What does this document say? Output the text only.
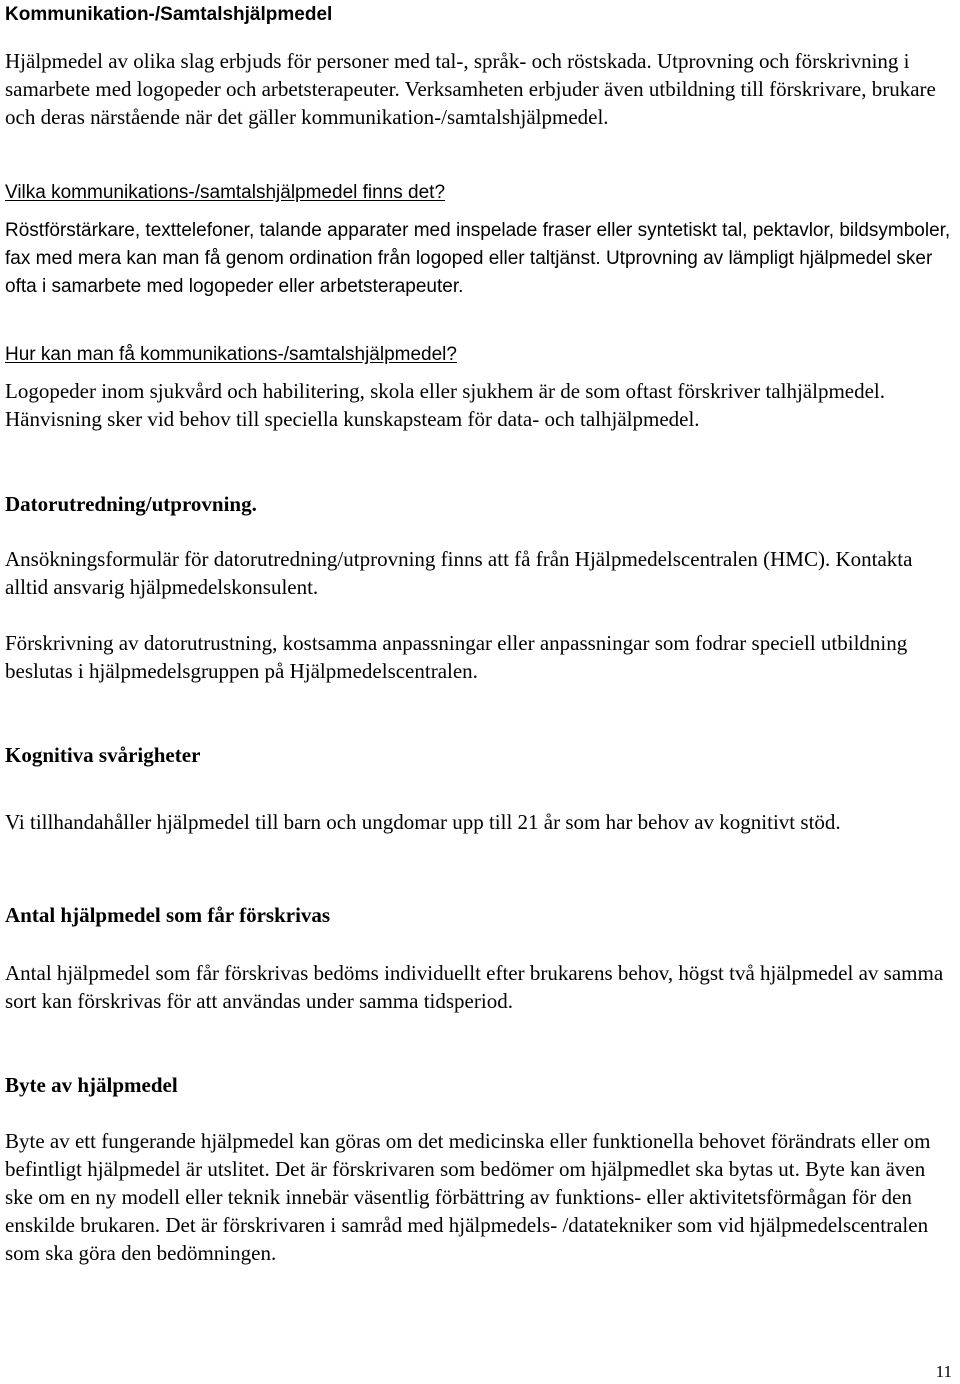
Kommunikation-/Samtalshjälpmedel

Hjälpmedel av olika slag erbjuds för personer med tal-, språk- och röstskada. Utprovning och förskrivning i samarbete med logopeder och arbetsterapeuter. Verksamheten erbjuder även utbildning till förskrivare, brukare och deras närstående när det gäller kommunikation-/samtalshjälpmedel.

Vilka kommunikations-/samtalshjälpmedel finns det?

Röstförstärkare, texttelefoner, talande apparater med inspelade fraser eller syntetiskt tal, pektavlor, bildsymboler, fax med mera kan man få genom ordination från logoped eller taltjänst. Utprovning av lämpligt hjälpmedel sker ofta i samarbete med logopeder eller arbetsterapeuter.

Hur kan man få kommunikations-/samtalshjälpmedel?

Logopeder inom sjukvård och habilitering, skola eller sjukhem är de som oftast förskriver talhjälpmedel. Hänvisning sker vid behov till speciella kunskapsteam för data- och talhjälpmedel.

Datorutredning/utprovning.

Ansökningsformulär för datorutredning/utprovning finns att få från Hjälpmedelscentralen (HMC). Kontakta alltid ansvarig hjälpmedelskonsulent.

Förskrivning av datorutrustning, kostsamma anpassningar eller anpassningar som fodrar speciell utbildning beslutas i hjälpmedelsgruppen på Hjälpmedelscentralen.

Kognitiva svårigheter

Vi tillhandahåller hjälpmedel till barn och ungdomar upp till 21 år som har behov av kognitivt stöd.

Antal hjälpmedel som får förskrivas

Antal hjälpmedel som får förskrivas bedöms individuellt efter brukarens behov, högst två hjälpmedel av samma sort kan förskrivas för att användas under samma tidsperiod.

Byte av hjälpmedel

Byte av ett fungerande hjälpmedel kan göras om det medicinska eller funktionella behovet förändrats eller om befintligt hjälpmedel är utslitet. Det är förskrivaren som bedömer om hjälpmedlet ska bytas ut. Byte kan även ske om en ny modell eller teknik innebär väsentlig förbättring av funktions- eller aktivitetsförmågan för den enskilde brukaren. Det är förskrivaren i samråd med hjälpmedels- /datatekniker som vid hjälpmedelscentralen som ska göra den bedömningen.

11
